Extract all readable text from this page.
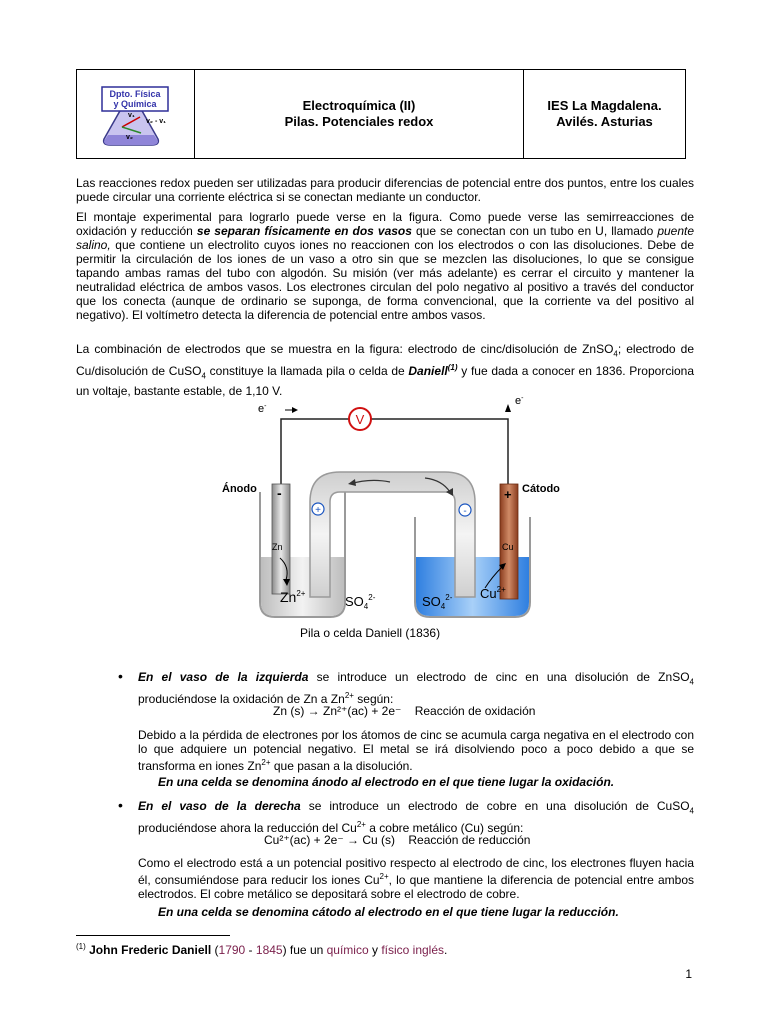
Dpto. Física
y Química
v₂ - v₁
v₂
v₁
Electroquímica (II)
Pilas. Potenciales redox
IES La Magdalena.
Avilés. Asturias
Las reacciones redox pueden ser utilizadas para producir diferencias de potencial entre dos puntos, entre los cuales puede circular una corriente eléctrica si se conectan mediante un conductor.
El montaje experimental para lograrlo puede verse en la figura. Como puede verse las semirreacciones de oxidación y reducción se separan físicamente en dos vasos que se conectan con un tubo en U, llamado puente salino, que contiene un electrolito cuyos iones no reaccionen con los electrodos o con las disoluciones. Debe de permitir la circulación de los iones de un vaso a otro sin que se mezclen las disoluciones, lo que se consigue tapando ambas ramas del tubo con algodón. Su misión (ver más adelante) es cerrar el circuito y mantener la neutralidad eléctrica de ambos vasos. Los electrones circulan del polo negativo al positivo a través del conductor que los conecta (aunque de ordinario se suponga, de forma convencional, que la corriente va del positivo al negativo). El voltímetro detecta la diferencia de potencial entre ambos vasos.
La combinación de electrodos que se muestra en la figura: electrodo de cinc/disolución de ZnSO$_4$; electrodo de Cu/disolución de CuSO$_4$ constituye la llamada pila o celda de Daniell$^{(1)}$ y fue dada a conocer en 1836. Proporciona un voltaje, bastante estable, de 1,10 V.
V
e-	e-
+	-
Ánodo	Cátodo
-	+
Zn	Cu
$Zn^{2+}$
$SO_4^{2-}$	$SO_4^{2-}$ $Cu^{2+}$
Pila o celda Daniell (1836)
• En el vaso de la izquierda se introduce un electrodo de cinc en una disolución de ZnSO$_4$ produciéndose la oxidación de Zn a $Zn^{2+}$ según:
Zn (s) → Zn²⁺(ac) + 2e⁻ Reacción de oxidación
Debido a la pérdida de electrones por los átomos de cinc se acumula carga negativa en el electrodo con lo que adquiere un potencial negativo. El metal se irá disolviendo poco a poco debido a que se transforma en iones $Zn^{2+}$ que pasan a la disolución.
En una celda se denomina ánodo al electrodo en el que tiene lugar la oxidación.
• En el vaso de la derecha se introduce un electrodo de cobre en una disolución de CuSO$_4$ produciéndose ahora la reducción del $Cu^{2+}$ a cobre metálico (Cu) según:
Cu²⁺(ac) + 2e⁻ → Cu (s) Reacción de reducción
Como el electrodo está a un potencial positivo respecto al electrodo de cinc, los electrones fluyen hacia él, consumiéndose para reducir los iones $Cu^{2+}$, lo que mantiene la diferencia de potencial entre ambos electrodos. El cobre metálico se depositará sobre el electrodo de cobre.
En una celda se denomina cátodo al electrodo en el que tiene lugar la reducción.
$^{(1)}$ John Frederic Daniell (1790 - 1845) fue un químico y físico inglés.
1
